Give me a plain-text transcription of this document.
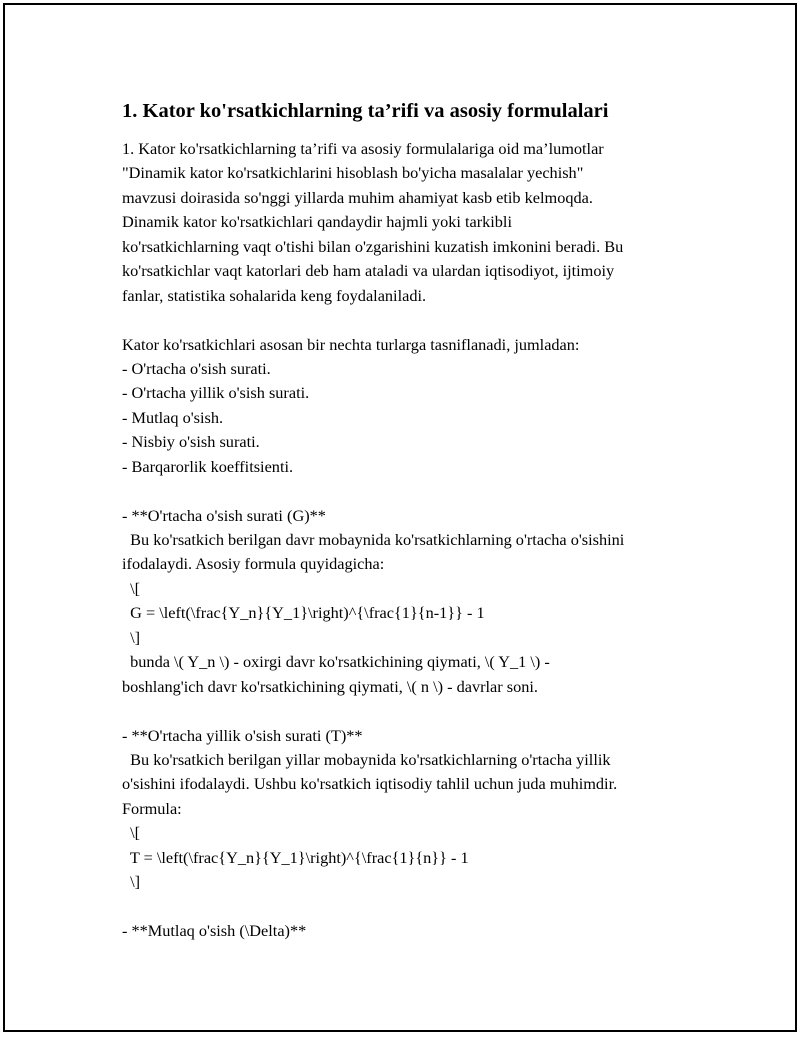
1. Kator ko'rsatkichlarning ta’rifi va asosiy formulalari
1. Kator ko'rsatkichlarning ta’rifi va asosiy formulalariga oid ma’lumotlar
"Dinamik kator ko'rsatkichlarini hisoblash bo'yicha masalalar yechish"
mavzusi doirasida so'nggi yillarda muhim ahamiyat kasb etib kelmoqda.
Dinamik kator ko'rsatkichlari qandaydir hajmli yoki tarkibli
ko'rsatkichlarning vaqt o'tishi bilan o'zgarishini kuzatish imkonini beradi. Bu
ko'rsatkichlar vaqt katorlari deb ham ataladi va ulardan iqtisodiyot, ijtimoiy
fanlar, statistika sohalarida keng foydalaniladi.
Kator ko'rsatkichlari asosan bir nechta turlarga tasniflanadi, jumladan:
- O'rtacha o'sish surati.
- O'rtacha yillik o'sish surati.
- Mutlaq o'sish.
- Nisbiy o'sish surati.
- Barqarorlik koeffitsienti.
- **O'rtacha o'sish surati (G)**
Bu ko'rsatkich berilgan davr mobaynida ko'rsatkichlarning o'rtacha o'sishini
ifodalaydi. Asosiy formula quyidagicha:
\[
G = \left(\frac{Y_n}{Y_1}\right)^{\frac{1}{n-1}} - 1
\]
bunda \( Y_n \) - oxirgi davr ko'rsatkichining qiymati, \( Y_1 \) -
boshlang'ich davr ko'rsatkichining qiymati, \( n \) - davrlar soni.
- **O'rtacha yillik o'sish surati (T)**
Bu ko'rsatkich berilgan yillar mobaynida ko'rsatkichlarning o'rtacha yillik
o'sishini ifodalaydi. Ushbu ko'rsatkich iqtisodiy tahlil uchun juda muhimdir.
Formula:
\[
T = \left(\frac{Y_n}{Y_1}\right)^{\frac{1}{n}} - 1
\]
- **Mutlaq o'sish (\Delta)**
